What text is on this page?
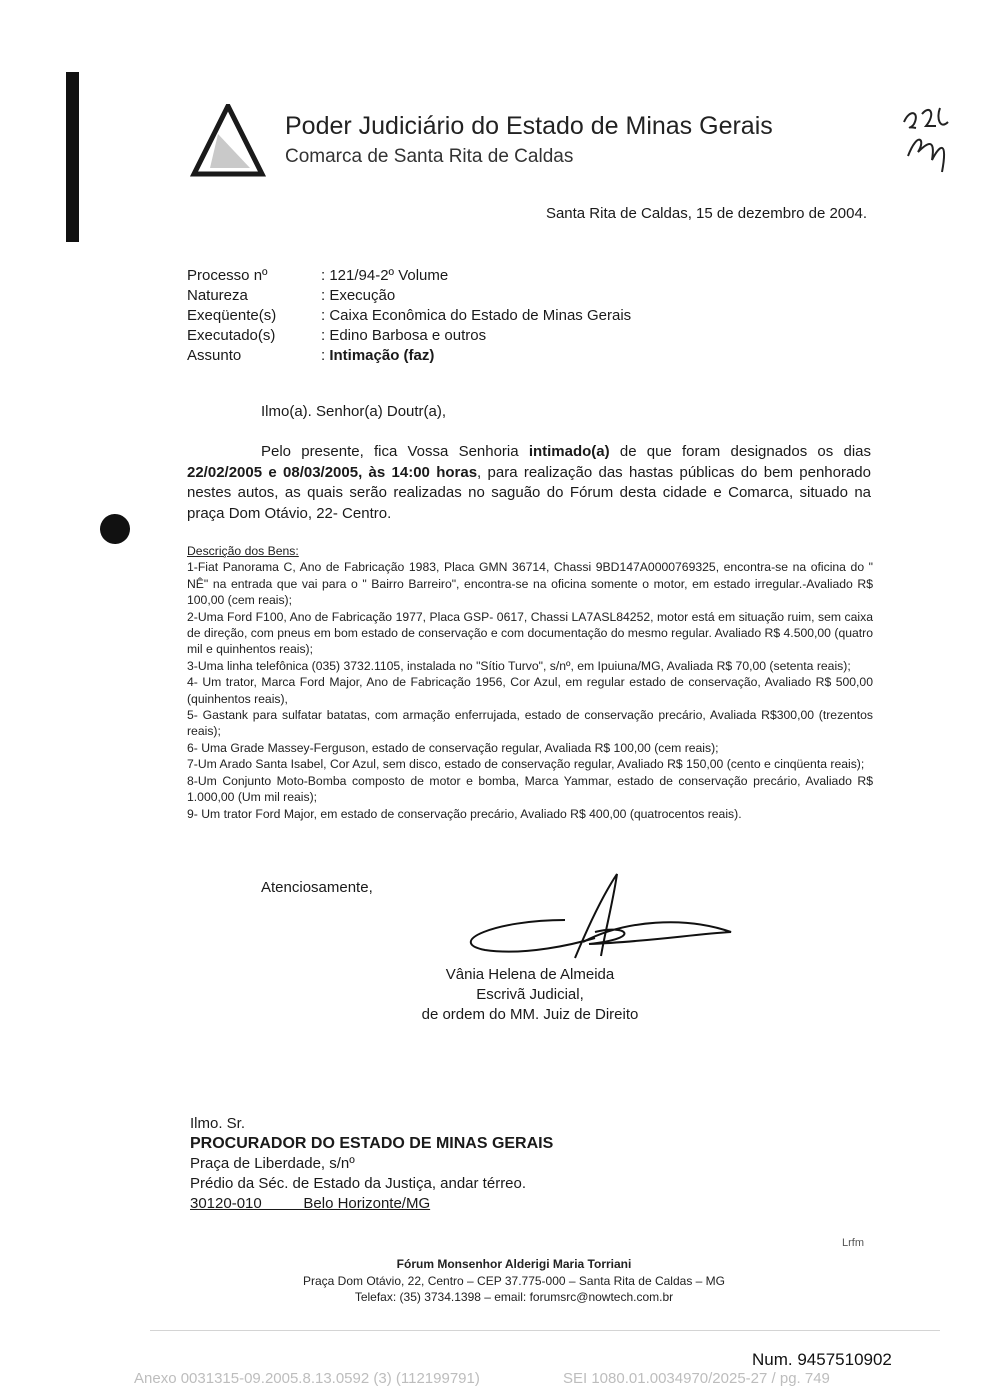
Poder Judiciário do Estado de Minas Gerais
Comarca de Santa Rita de Caldas
Santa Rita de Caldas, 15 de dezembro de 2004.
Processo nº	: 121/94-2º Volume
Natureza	: Execução
Exeqüente(s)	: Caixa Econômica do Estado de Minas Gerais
Executado(s)	: Edino Barbosa e outros
Assunto	: Intimação (faz)
Ilmo(a). Senhor(a) Doutr(a),
Pelo presente, fica Vossa Senhoria intimado(a) de que foram designados os dias 22/02/2005 e 08/03/2005, às 14:00 horas, para realização das hastas públicas do bem penhorado nestes autos, as quais serão realizadas no saguão do Fórum desta cidade e Comarca, situado na praça Dom Otávio, 22- Centro.
Descrição dos Bens:
1-Fiat Panorama C, Ano de Fabricação 1983, Placa GMN 36714, Chassi 9BD147A0000769325, encontra-se na oficina do " NÊ" na entrada que vai para o " Bairro Barreiro", encontra-se na oficina somente o motor, em estado irregular.-Avaliado R$ 100,00 (cem reais);
2-Uma Ford F100, Ano de Fabricação 1977, Placa GSP- 0617, Chassi LA7ASL84252, motor está em situação ruim, sem caixa de direção, com pneus em bom estado de conservação e com documentação do mesmo regular. Avaliado R$ 4.500,00 (quatro mil e quinhentos reais);
3-Uma linha telefônica (035) 3732.1105, instalada no "Sítio Turvo", s/nº, em Ipuiuna/MG, Avaliada R$ 70,00 (setenta reais);
4- Um trator, Marca Ford Major, Ano de Fabricação 1956, Cor Azul, em regular estado de conservação, Avaliado R$ 500,00 (quinhentos reais),
5- Gastank para sulfatar batatas, com armação enferrujada, estado de conservação precário, Avaliada R$300,00 (trezentos reais);
6- Uma Grade Massey-Ferguson, estado de conservação regular, Avaliada R$ 100,00 (cem reais);
7-Um Arado Santa Isabel, Cor Azul, sem disco, estado de conservação regular, Avaliado R$ 150,00 (cento e cinqüenta reais);
8-Um Conjunto Moto-Bomba composto de motor e bomba, Marca Yammar, estado de conservação precário, Avaliado R$ 1.000,00 (Um mil reais);
9- Um trator Ford Major, em estado de conservação precário, Avaliado R$ 400,00 (quatrocentos reais).
Atenciosamente,
Vânia Helena de Almeida
Escrivã Judicial,
de ordem do MM. Juiz de Direito
Ilmo. Sr.
PROCURADOR DO ESTADO DE MINAS GERAIS
Praça de Liberdade, s/nº
Prédio da Séc. de Estado da Justiça, andar térreo.
30120-010          Belo Horizonte/MG
Lrfm
Fórum Monsenhor Alderigi Maria Torriani
Praça Dom Otávio, 22, Centro – CEP 37.775-000 – Santa Rita de Caldas – MG
Telefax: (35) 3734.1398 – email: forumsrc@nowtech.com.br
Num. 9457510902
Anexo 0031315-09.2005.8.13.0592 (3) (112199791)	SEI 1080.01.0034970/2025-27 / pg. 749
